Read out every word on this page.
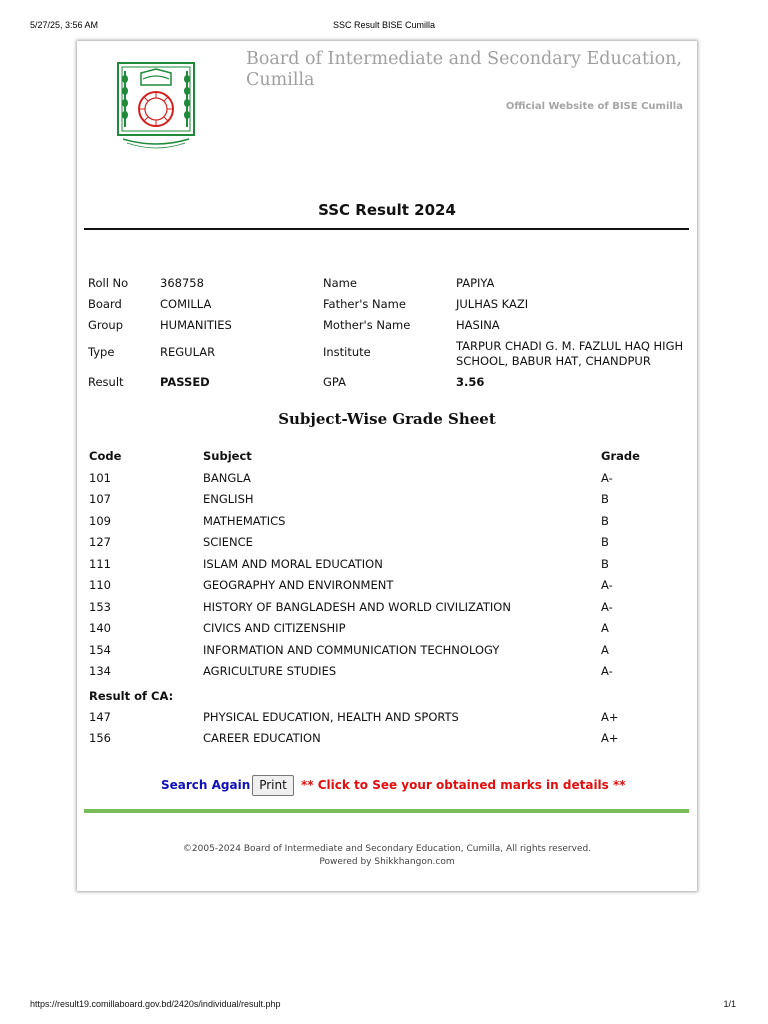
5/27/25, 3:56 AM	SSC Result BISE Cumilla
Board of Intermediate and Secondary Education, Cumilla
Official Website of BISE Cumilla
SSC Result 2024
Roll No	368758	Name	PAPIYA
Board	COMILLA	Father's Name	JULHAS KAZI
Group	HUMANITIES	Mother's Name	HASINA
Type	REGULAR	Institute	TARPUR CHADI G. M. FAZLUL HAQ HIGH SCHOOL, BABUR HAT, CHANDPUR
Result	PASSED	GPA	3.56
Subject-Wise Grade Sheet
Code	Subject	Grade
101	BANGLA	A-
107	ENGLISH	B
109	MATHEMATICS	B
127	SCIENCE	B
111	ISLAM AND MORAL EDUCATION	B
110	GEOGRAPHY AND ENVIRONMENT	A-
153	HISTORY OF BANGLADESH AND WORLD CIVILIZATION	A-
140	CIVICS AND CITIZENSHIP	A
154	INFORMATION AND COMMUNICATION TECHNOLOGY	A
134	AGRICULTURE STUDIES	A-
Result of CA:
147	PHYSICAL EDUCATION, HEALTH AND SPORTS	A+
156	CAREER EDUCATION	A+
Search Again Print	** Click to See your obtained marks in details **
©2005-2024 Board of Intermediate and Secondary Education, Cumilla, All rights reserved.
Powered by Shikkhangon.com
https://result19.comillaboard.gov.bd/2420s/individual/result.php	1/1
